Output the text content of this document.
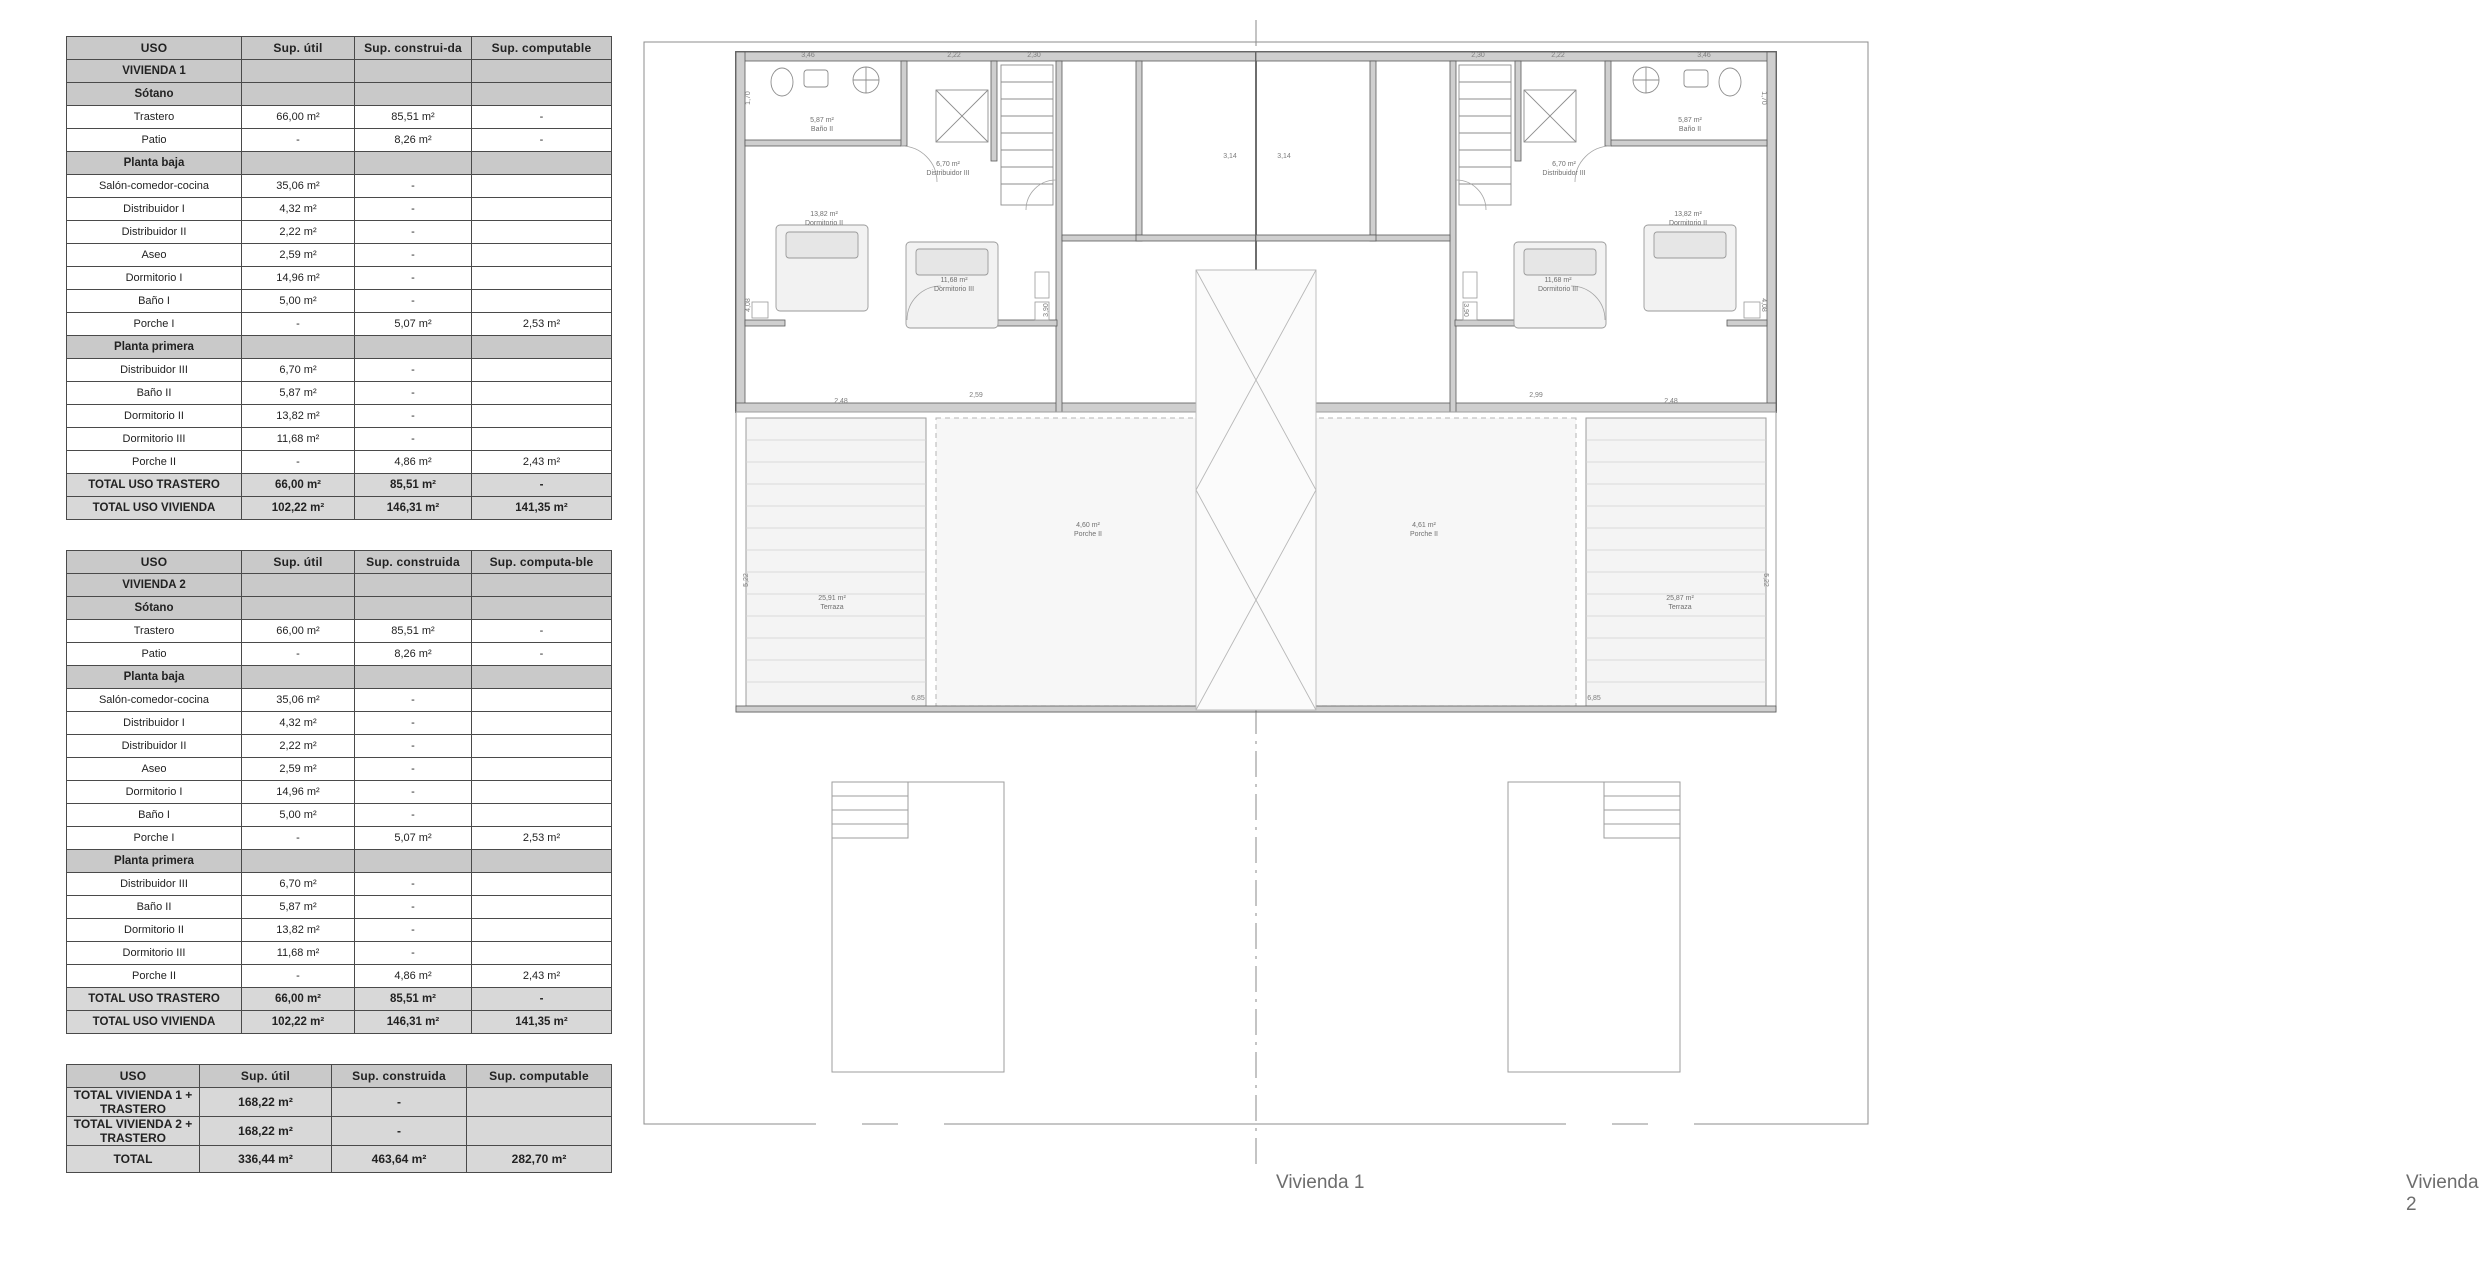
USO	Sup. útil	Sup. construi-da	Sup. computable
VIVIENDA 1			
Sótano			
Trastero	66,00 m²	85,51 m²	-
Patio	-	8,26 m²	-
Planta baja			
Salón-comedor-cocina	35,06 m²	-	
Distribuidor I	4,32 m²	-	
Distribuidor II	2,22 m²	-	
Aseo	2,59 m²	-	
Dormitorio I	14,96 m²	-	
Baño I	5,00 m²	-	
Porche I	-	5,07 m²	2,53 m²
Planta primera			
Distribuidor III	6,70 m²	-	
Baño II	5,87 m²	-	
Dormitorio II	13,82 m²	-	
Dormitorio III	11,68 m²	-	
Porche II	-	4,86 m²	2,43 m²
TOTAL USO TRASTERO	66,00 m²	85,51 m²	-
TOTAL USO VIVIENDA	102,22 m²	146,31 m²	141,35 m²
USO	Sup. útil	Sup. construida	Sup. computa-ble
VIVIENDA 2			
Sótano			
Trastero	66,00 m²	85,51 m²	-
Patio	-	8,26 m²	-
Planta baja			
Salón-comedor-cocina	35,06 m²	-	
Distribuidor I	4,32 m²	-	
Distribuidor II	2,22 m²	-	
Aseo	2,59 m²	-	
Dormitorio I	14,96 m²	-	
Baño I	5,00 m²	-	
Porche I	-	5,07 m²	2,53 m²
Planta primera			
Distribuidor III	6,70 m²	-	
Baño II	5,87 m²	-	
Dormitorio II	13,82 m²	-	
Dormitorio III	11,68 m²	-	
Porche II	-	4,86 m²	2,43 m²
TOTAL USO TRASTERO	66,00 m²	85,51 m²	-
TOTAL USO VIVIENDA	102,22 m²	146,31 m²	141,35 m²
USO	Sup. útil	Sup. construida	Sup. computable
TOTAL VIVIENDA 1 + TRASTERO	168,22 m²	-	
TOTAL VIVIENDA 2 + TRASTERO	168,22 m²	-	
TOTAL	336,44 m²	463,64 m²	282,70 m²
5,87 m²
Baño II
6,70 m²
Distribuidor III
13,82 m²
Dormitorio II
11,68 m²
Dormitorio III
4,60 m²
Porche II
25,91 m²
Terraza
3,46	2,22	2,30
1,70
4,08
2,48
2,59
3,90
5,22
6,85
5,87 m²
Baño II
6,70 m²
Distribuidor III
13,82 m²
Dormitorio II
11,68 m²
Dormitorio III
4,61 m²
Porche II
25,87 m²
Terraza
2,30	2,22	3,46
1,70
4,08
2,48
2,99
3,90
5,22
6,85
3,14	3,14
Vivienda 1	Vivienda 2
